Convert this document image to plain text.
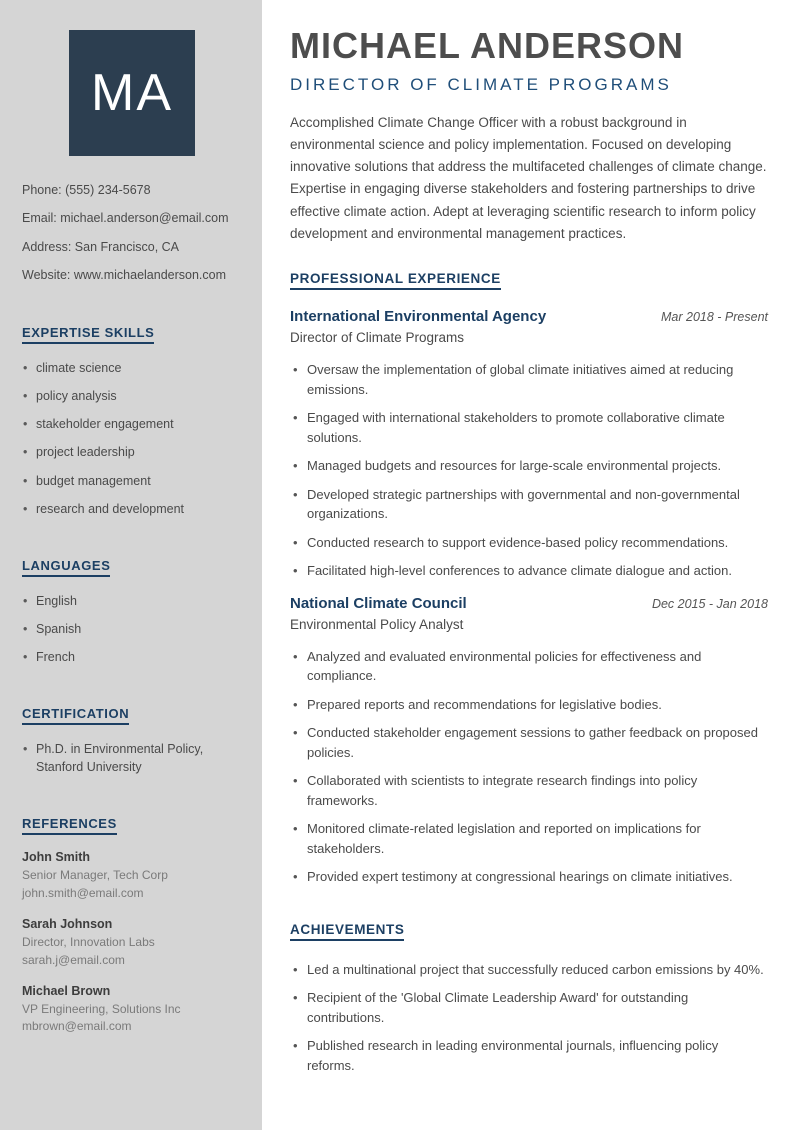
MA
Phone: (555) 234-5678
Email: michael.anderson@email.com
Address: San Francisco, CA
Website: www.michaelanderson.com
EXPERTISE SKILLS
• climate science
• policy analysis
• stakeholder engagement
• project leadership
• budget management
• research and development
LANGUAGES
• English
• Spanish
• French
CERTIFICATION
• Ph.D. in Environmental Policy, Stanford University
REFERENCES
John Smith
Senior Manager, Tech Corp
john.smith@email.com
Sarah Johnson
Director, Innovation Labs
sarah.j@email.com
Michael Brown
VP Engineering, Solutions Inc
mbrown@email.com
MICHAEL ANDERSON
DIRECTOR OF CLIMATE PROGRAMS

Accomplished Climate Change Officer with a robust background in environmental science and policy implementation. Focused on developing innovative solutions that address the multifaceted challenges of climate change. Expertise in engaging diverse stakeholders and fostering partnerships to drive effective climate action. Adept at leveraging scientific research to inform policy development and environmental management practices.

PROFESSIONAL EXPERIENCE
International Environmental Agency	Mar 2018 - Present
Director of Climate Programs
• Oversaw the implementation of global climate initiatives aimed at reducing emissions.
• Engaged with international stakeholders to promote collaborative climate solutions.
• Managed budgets and resources for large-scale environmental projects.
• Developed strategic partnerships with governmental and non-governmental organizations.
• Conducted research to support evidence-based policy recommendations.
• Facilitated high-level conferences to advance climate dialogue and action.
National Climate Council	Dec 2015 - Jan 2018
Environmental Policy Analyst
• Analyzed and evaluated environmental policies for effectiveness and compliance.
• Prepared reports and recommendations for legislative bodies.
• Conducted stakeholder engagement sessions to gather feedback on proposed policies.
• Collaborated with scientists to integrate research findings into policy frameworks.
• Monitored climate-related legislation and reported on implications for stakeholders.
• Provided expert testimony at congressional hearings on climate initiatives.
ACHIEVEMENTS
• Led a multinational project that successfully reduced carbon emissions by 40%.
• Recipient of the 'Global Climate Leadership Award' for outstanding contributions.
• Published research in leading environmental journals, influencing policy reforms.
